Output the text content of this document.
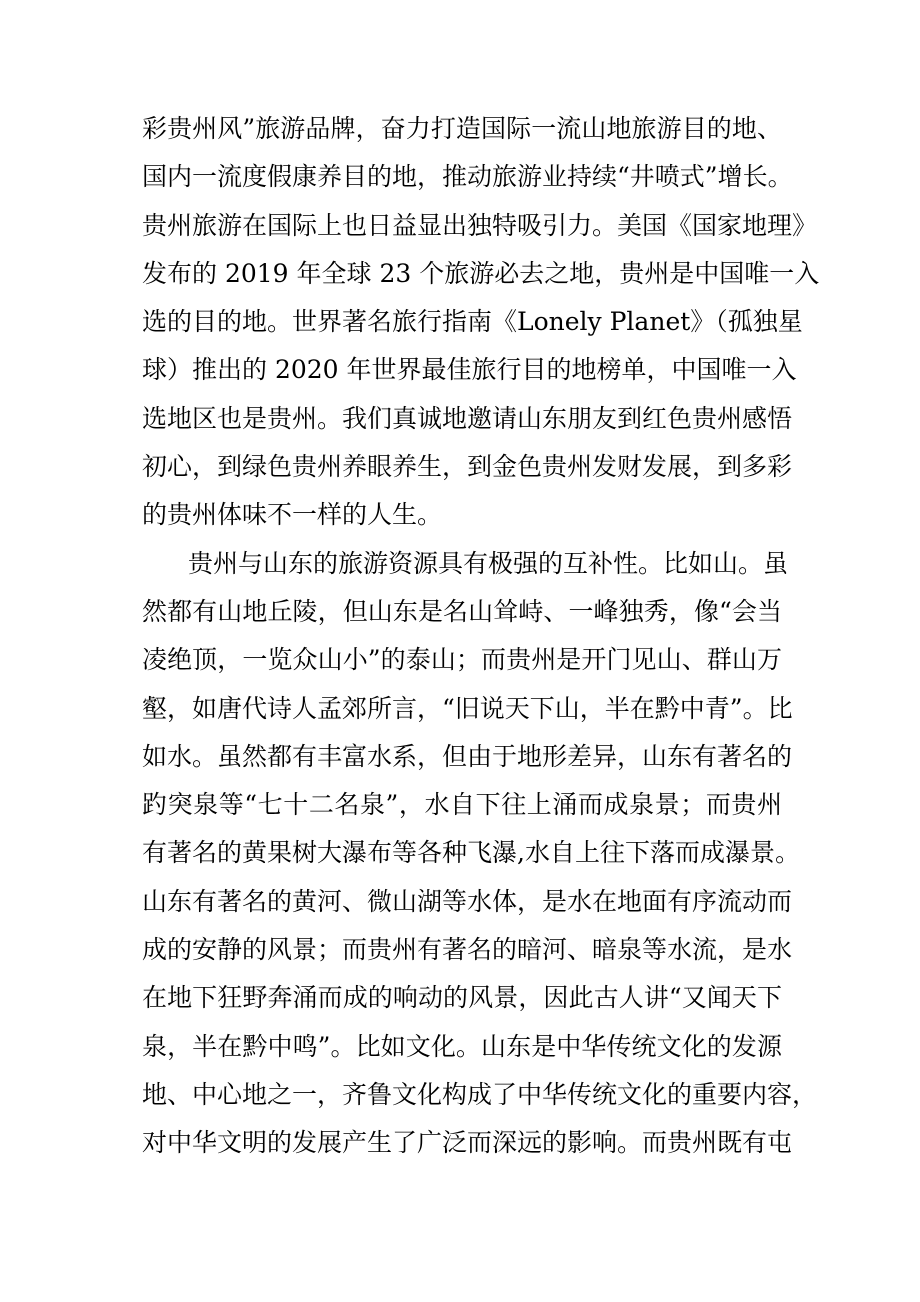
彩贵州风”旅游品牌，奋力打造国际一流山地旅游目的地、
国内一流度假康养目的地，推动旅游业持续“井喷式”增长。
贵州旅游在国际上也日益显出独特吸引力。美国《国家地理》
发布的 2019 年全球 23 个旅游必去之地，贵州是中国唯一入
选的目的地。世界著名旅行指南《Lonely Planet》（孤独星
球）推出的 2020 年世界最佳旅行目的地榜单，中国唯一入
选地区也是贵州。我们真诚地邀请山东朋友到红色贵州感悟
初心，到绿色贵州养眼养生，到金色贵州发财发展，到多彩
的贵州体味不一样的人生。
贵州与山东的旅游资源具有极强的互补性。比如山。虽
然都有山地丘陵，但山东是名山耸峙、一峰独秀，像“会当
凌绝顶，一览众山小”的泰山；而贵州是开门见山、群山万
壑，如唐代诗人孟郊所言，“旧说天下山，半在黔中青”。比
如水。虽然都有丰富水系，但由于地形差异，山东有著名的
趵突泉等“七十二名泉”，水自下往上涌而成泉景；而贵州
有著名的黄果树大瀑布等各种飞瀑,水自上往下落而成瀑景。
山东有著名的黄河、微山湖等水体，是水在地面有序流动而
成的安静的风景；而贵州有著名的暗河、暗泉等水流，是水
在地下狂野奔涌而成的响动的风景，因此古人讲“又闻天下
泉，半在黔中鸣”。比如文化。山东是中华传统文化的发源
地、中心地之一，齐鲁文化构成了中华传统文化的重要内容，
对中华文明的发展产生了广泛而深远的影响。而贵州既有屯
